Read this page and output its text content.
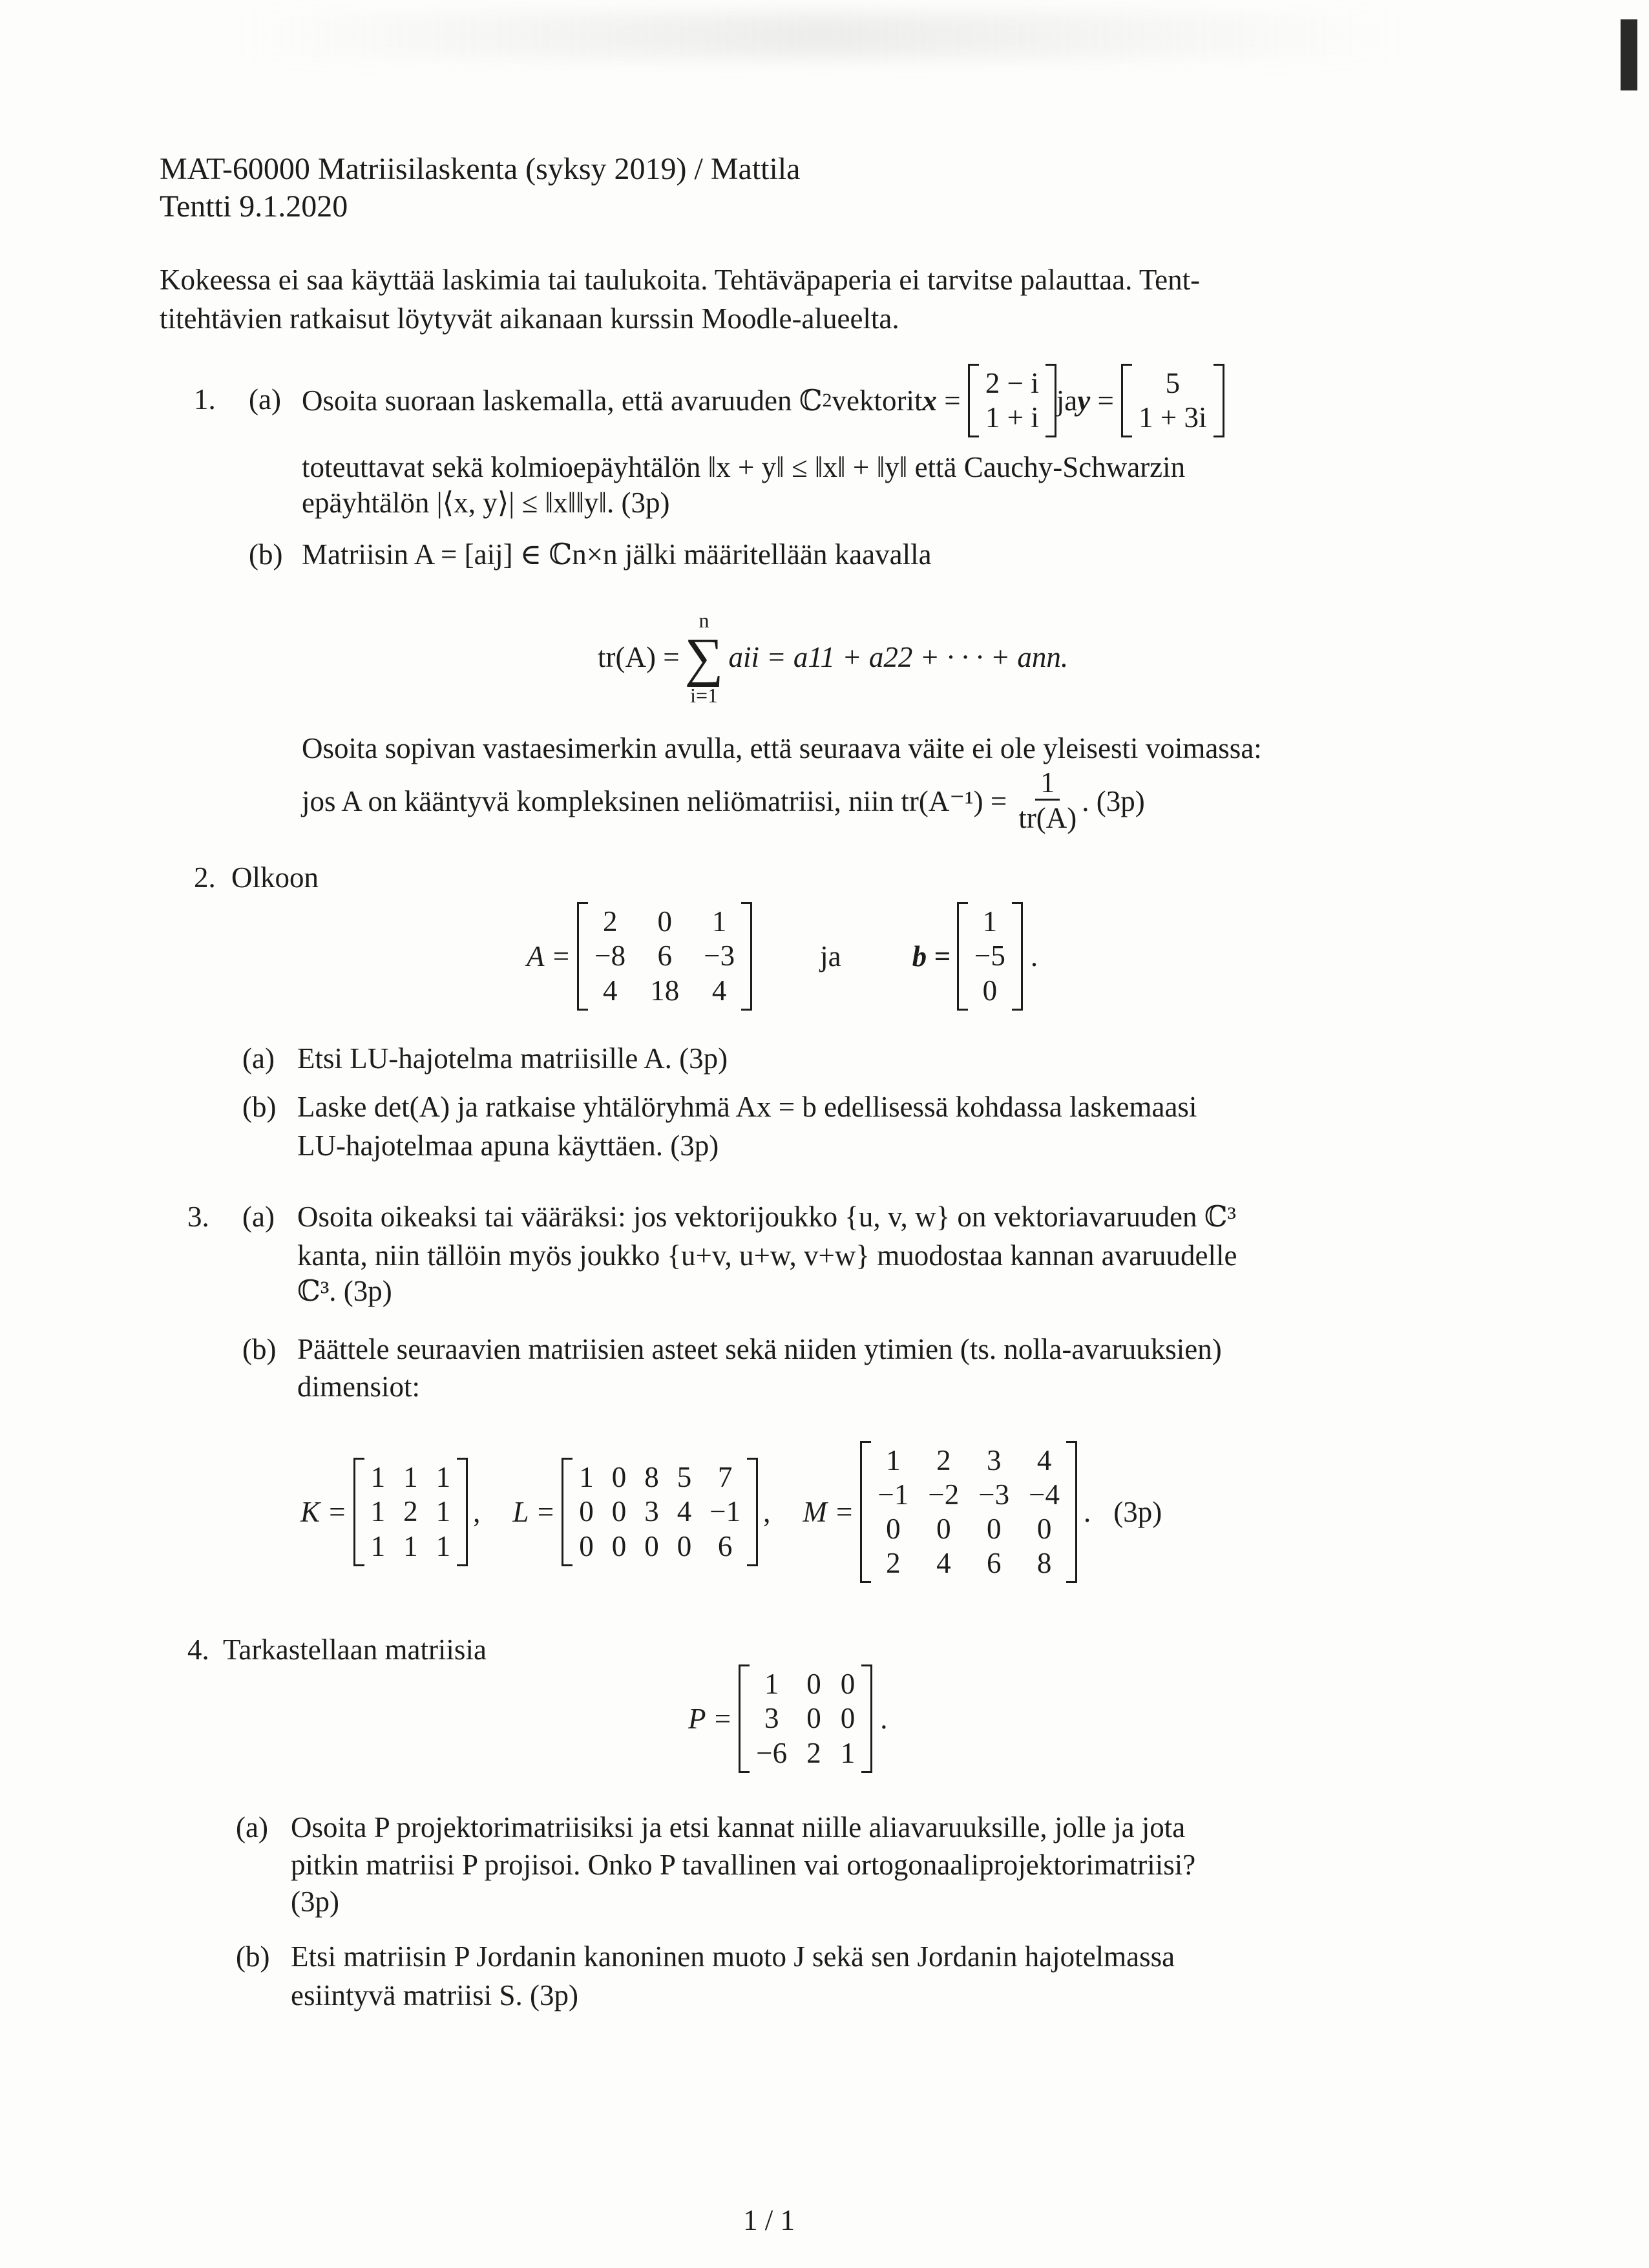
MAT-60000 Matriisilaskenta (syksy 2019) / Mattila
Tentti 9.1.2020
Kokeessa ei saa käyttää laskimia tai taulukoita. Tehtäväpaperia ei tarvitse palauttaa. Tent-
titehtävien ratkaisut löytyvät aikanaan kurssin Moodle-alueelta.
1. (a) Osoita suoraan laskemalla, että avaruuden ℂ 2 vektorit x =
2 − i
1 + i
ja y =
5
1 + 3i
toteuttavat sekä kolmioepäyhtälön ‖x + y‖ ≤ ‖x‖ + ‖y‖ että Cauchy-Schwarzin
epäyhtälön |⟨x, y⟩| ≤ ‖x‖‖y‖. (3p)
(b) Matriisin A = [aij] ∈ ℂn×n jälki määritellään kaavalla
tr(A) =
n
∑
i=1
aii = a11 + a22 + · · · + ann.
Osoita sopivan vastaesimerkin avulla, että seuraava väite ei ole yleisesti voimassa:
jos A on kääntyvä kompleksinen neliömatriisi, niin $tr(A^{-1}) = \frac{1}{tr(A)}$ . (3p)
2. Olkoon
A =
2 0 1
−8 6 −3
4 18 4
ja b =
1
−5
0
.
(a) Etsi LU-hajotelma matriisille A. (3p)
(b) Laske det(A) ja ratkaise yhtälöryhmä Ax = b edellisessä kohdassa laskemaasi
LU-hajotelmaa apuna käyttäen. (3p)
3. (a) Osoita oikeaksi tai vääräksi: jos vektorijoukko {u, v, w} on vektoriavaruuden ℂ³
kanta, niin tällöin myös joukko {u+v, u+w, v+w} muodostaa kannan avaruudelle
ℂ³. (3p)
(b) Päättele seuraavien matriisien asteet sekä niiden ytimien (ts. nolla-avaruuksien)
dimensiot:
K =
1 1 1
1 2 1
1 1 1
, L =
1 0 8 5 7
0 0 3 4 −1
0 0 0 0 6
, M =
1 2 3 4
−1 −2 −3 −4
0 0 0 0
2 4 6 8
. (3p)
4. Tarkastellaan matriisia
P =
1 0 0
3 0 0
−6 2 1
.
(a) Osoita P projektorimatriisiksi ja etsi kannat niille aliavaruuksille, jolle ja jota
pitkin matriisi P projisoi. Onko P tavallinen vai ortogonaaliprojektorimatriisi?
(3p)
(b) Etsi matriisin P Jordanin kanoninen muoto J sekä sen Jordanin hajotelmassa
esiintyvä matriisi S. (3p)
1 / 1
